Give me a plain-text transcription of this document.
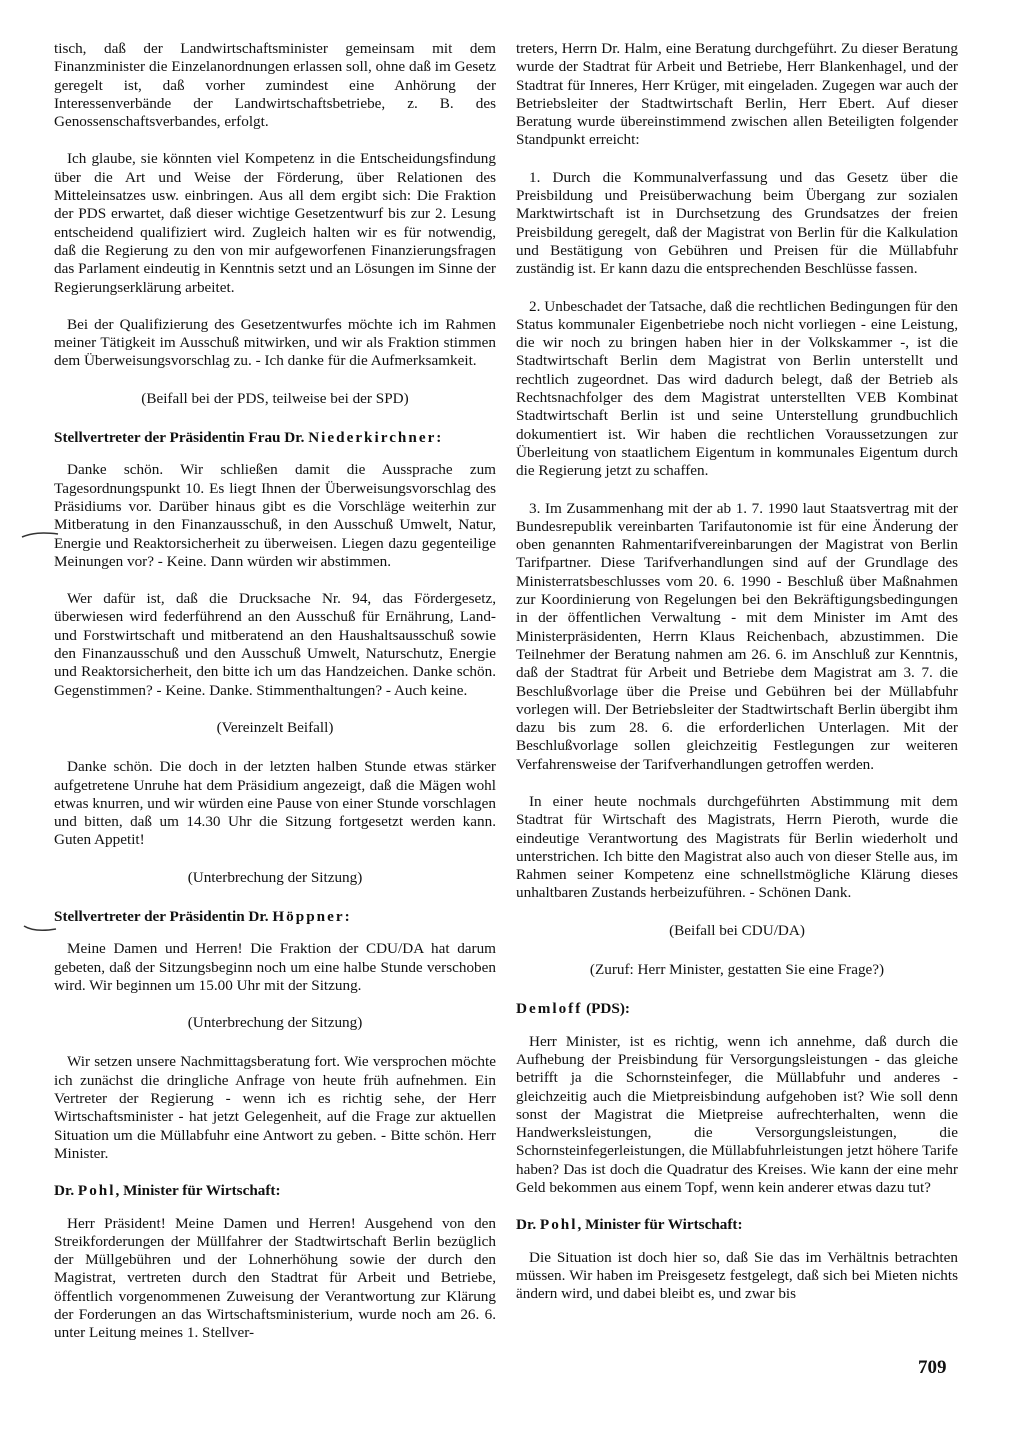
tisch, daß der Landwirtschaftsminister gemeinsam mit dem Finanzminister die Einzelanordnungen erlassen soll, ohne daß im Gesetz geregelt ist, daß vorher zumindest eine Anhörung der Interessenverbände der Landwirtschaftsbetriebe, z. B. des Genossenschaftsverbandes, erfolgt.

Ich glaube, sie könnten viel Kompetenz in die Entscheidungsfindung über die Art und Weise der Förderung, über Relationen des Mitteleinsatzes usw. einbringen. Aus all dem ergibt sich: Die Fraktion der PDS erwartet, daß dieser wichtige Gesetzentwurf bis zur 2. Lesung entscheidend qualifiziert wird. Zugleich halten wir es für notwendig, daß die Regierung zu den von mir aufgeworfenen Finanzierungsfragen das Parlament eindeutig in Kenntnis setzt und an Lösungen im Sinne der Regierungserklärung arbeitet.

Bei der Qualifizierung des Gesetzentwurfes möchte ich im Rahmen meiner Tätigkeit im Ausschuß mitwirken, und wir als Fraktion stimmen dem Überweisungsvorschlag zu. - Ich danke für die Aufmerksamkeit.

(Beifall bei der PDS, teilweise bei der SPD)

Stellvertreter der Präsidentin Frau Dr. Niederkirchner:

Danke schön. Wir schließen damit die Aussprache zum Tagesordnungspunkt 10. Es liegt Ihnen der Überweisungsvorschlag des Präsidiums vor. Darüber hinaus gibt es die Vorschläge weiterhin zur Mitberatung in den Finanzausschuß, in den Ausschuß Umwelt, Natur, Energie und Reaktorsicherheit zu überweisen. Liegen dazu gegenteilige Meinungen vor? - Keine. Dann würden wir abstimmen.

Wer dafür ist, daß die Drucksache Nr. 94, das Fördergesetz, überwiesen wird federführend an den Ausschuß für Ernährung, Land- und Forstwirtschaft und mitberatend an den Haushaltsausschuß sowie den Finanzausschuß und den Ausschuß Umwelt, Naturschutz, Energie und Reaktorsicherheit, den bitte ich um das Handzeichen. Danke schön. Gegenstimmen? - Keine. Danke. Stimmenthaltungen? - Auch keine.

(Vereinzelt Beifall)

Danke schön. Die doch in der letzten halben Stunde etwas stärker aufgetretene Unruhe hat dem Präsidium angezeigt, daß die Mägen wohl etwas knurren, und wir würden eine Pause von einer Stunde vorschlagen und bitten, daß um 14.30 Uhr die Sitzung fortgesetzt werden kann. Guten Appetit!

(Unterbrechung der Sitzung)

Stellvertreter der Präsidentin Dr. Höppner:

Meine Damen und Herren! Die Fraktion der CDU/DA hat darum gebeten, daß der Sitzungsbeginn noch um eine halbe Stunde verschoben wird. Wir beginnen um 15.00 Uhr mit der Sitzung.

(Unterbrechung der Sitzung)

Wir setzen unsere Nachmittagsberatung fort. Wie versprochen möchte ich zunächst die dringliche Anfrage von heute früh aufnehmen. Ein Vertreter der Regierung - wenn ich es richtig sehe, der Herr Wirtschaftsminister - hat jetzt Gelegenheit, auf die Frage zur aktuellen Situation um die Müllabfuhr eine Antwort zu geben. - Bitte schön. Herr Minister.

Dr. Pohl, Minister für Wirtschaft:

Herr Präsident! Meine Damen und Herren! Ausgehend von den Streikforderungen der Müllfahrer der Stadtwirtschaft Berlin bezüglich der Müllgebühren und der Lohnerhöhung sowie der durch den Magistrat, vertreten durch den Stadtrat für Arbeit und Betriebe, öffentlich vorgenommenen Zuweisung der Verantwortung zur Klärung der Forderungen an das Wirtschaftsministerium, wurde noch am 26. 6. unter Leitung meines 1. Stellver-

treters, Herrn Dr. Halm, eine Beratung durchgeführt. Zu dieser Beratung wurde der Stadtrat für Arbeit und Betriebe, Herr Blankenhagel, und der Stadtrat für Inneres, Herr Krüger, mit eingeladen. Zugegen war auch der Betriebsleiter der Stadtwirtschaft Berlin, Herr Ebert. Auf dieser Beratung wurde übereinstimmend zwischen allen Beteiligten folgender Standpunkt erreicht:

1. Durch die Kommunalverfassung und das Gesetz über die Preisbildung und Preisüberwachung beim Übergang zur sozialen Marktwirtschaft ist in Durchsetzung des Grundsatzes der freien Preisbildung geregelt, daß der Magistrat von Berlin für die Kalkulation und Bestätigung von Gebühren und Preisen für die Müllabfuhr zuständig ist. Er kann dazu die entsprechenden Beschlüsse fassen.

2. Unbeschadet der Tatsache, daß die rechtlichen Bedingungen für den Status kommunaler Eigenbetriebe noch nicht vorliegen - eine Leistung, die wir noch zu bringen haben hier in der Volkskammer -, ist die Stadtwirtschaft Berlin dem Magistrat von Berlin unterstellt und rechtlich zugeordnet. Das wird dadurch belegt, daß der Betrieb als Rechtsnachfolger des dem Magistrat unterstellten VEB Kombinat Stadtwirtschaft Berlin ist und seine Unterstellung grundbuchlich dokumentiert ist. Wir haben die rechtlichen Voraussetzungen zur Überleitung von staatlichem Eigentum in kommunales Eigentum durch die Regierung jetzt zu schaffen.

3. Im Zusammenhang mit der ab 1. 7. 1990 laut Staatsvertrag mit der Bundesrepublik vereinbarten Tarifautonomie ist für eine Änderung der oben genannten Rahmentarifvereinbarungen der Magistrat von Berlin Tarifpartner. Diese Tarifverhandlungen sind auf der Grundlage des Ministerratsbeschlusses vom 20. 6. 1990 - Beschluß über Maßnahmen zur Koordinierung von Regelungen bei den Bekräftigungsbedingungen in der öffentlichen Verwaltung - mit dem Minister im Amt des Ministerpräsidenten, Herrn Klaus Reichenbach, abzustimmen. Die Teilnehmer der Beratung nahmen am 26. 6. im Anschluß zur Kenntnis, daß der Stadtrat für Arbeit und Betriebe dem Magistrat am 3. 7. die Beschlußvorlage über die Preise und Gebühren bei der Müllabfuhr vorlegen will. Der Betriebsleiter der Stadtwirtschaft Berlin übergibt ihm dazu bis zum 28. 6. die erforderlichen Unterlagen. Mit der Beschlußvorlage sollen gleichzeitig Festlegungen zur weiteren Verfahrensweise der Tarifverhandlungen getroffen werden.

In einer heute nochmals durchgeführten Abstimmung mit dem Stadtrat für Wirtschaft des Magistrats, Herrn Pieroth, wurde die eindeutige Verantwortung des Magistrats für Berlin wiederholt und unterstrichen. Ich bitte den Magistrat also auch von dieser Stelle aus, im Rahmen seiner Kompetenz eine schnellstmögliche Klärung dieses unhaltbaren Zustands herbeizuführen. - Schönen Dank.

(Beifall bei CDU/DA)

(Zuruf: Herr Minister, gestatten Sie eine Frage?)

Demloff (PDS):

Herr Minister, ist es richtig, wenn ich annehme, daß durch die Aufhebung der Preisbindung für Versorgungsleistungen - das gleiche betrifft ja die Schornsteinfeger, die Müllabfuhr und anderes - gleichzeitig auch die Mietpreisbindung aufgehoben ist? Wie soll denn sonst der Magistrat die Mietpreise aufrechterhalten, wenn die Handwerksleistungen, die Versorgungsleistungen, die Schornsteinfegerleistungen, die Müllabfuhrleistungen jetzt höhere Tarife haben? Das ist doch die Quadratur des Kreises. Wie kann der eine mehr Geld bekommen aus einem Topf, wenn kein anderer etwas dazu tut?

Dr. Pohl, Minister für Wirtschaft:

Die Situation ist doch hier so, daß Sie das im Verhältnis betrachten müssen. Wir haben im Preisgesetz festgelegt, daß sich bei Mieten nichts ändern wird, und dabei bleibt es, und zwar bis

709
